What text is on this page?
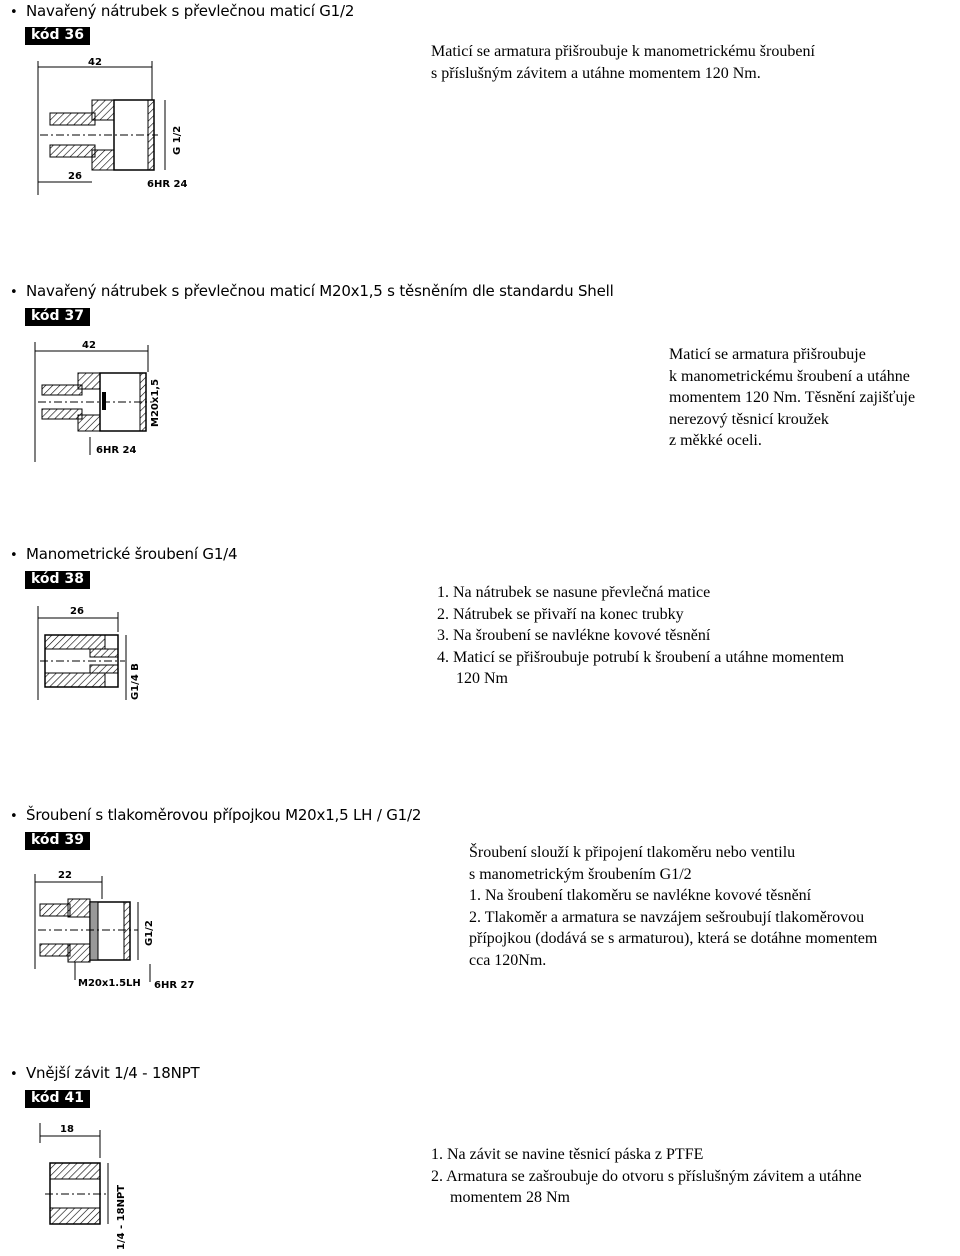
• Navařený nátrubek s převlečnou maticí G1/2
kód 36
42
G 1/2
26
6HR 24
Maticí se armatura přišroubuje k manometrickému šroubení
s příslušným závitem a utáhne momentem 120 Nm.
• Navařený nátrubek s převlečnou maticí M20x1,5 s těsněním dle standardu Shell
kód 37
42
M20x1,5
6HR 24
Maticí se armatura přišroubuje
k manometrickému šroubení a utáhne
momentem 120 Nm. Těsnění zajišťuje
nerezový těsnicí kroužek
z měkké oceli.
• Manometrické šroubení G1/4
kód 38
26
G1/4 B
1. Na nátrubek se nasune převlečná matice
2. Nátrubek se přivaří na konec trubky
3. Na šroubení se navlékne kovové těsnění
4. Maticí se přišroubuje potrubí k šroubení a utáhne momentem
120 Nm
• Šroubení s tlakoměrovou přípojkou M20x1,5 LH / G1/2
kód 39
22
G1/2
M20x1.5LH 6HR 27
Šroubení slouží k připojení tlakoměru nebo ventilu
s manometrickým šroubením G1/2
1. Na šroubení tlakoměru se navlékne kovové těsnění
2. Tlakoměr a armatura se navzájem sešroubují tlakoměrovou
přípojkou (dodává se s armaturou), která se dotáhne momentem
cca 120Nm.
• Vnější závit 1/4 - 18NPT
kód 41
18
1/4 - 18NPT
1. Na závit se navine těsnicí páska z PTFE
2. Armatura se zašroubuje do otvoru s příslušným závitem a utáhne
momentem 28 Nm
